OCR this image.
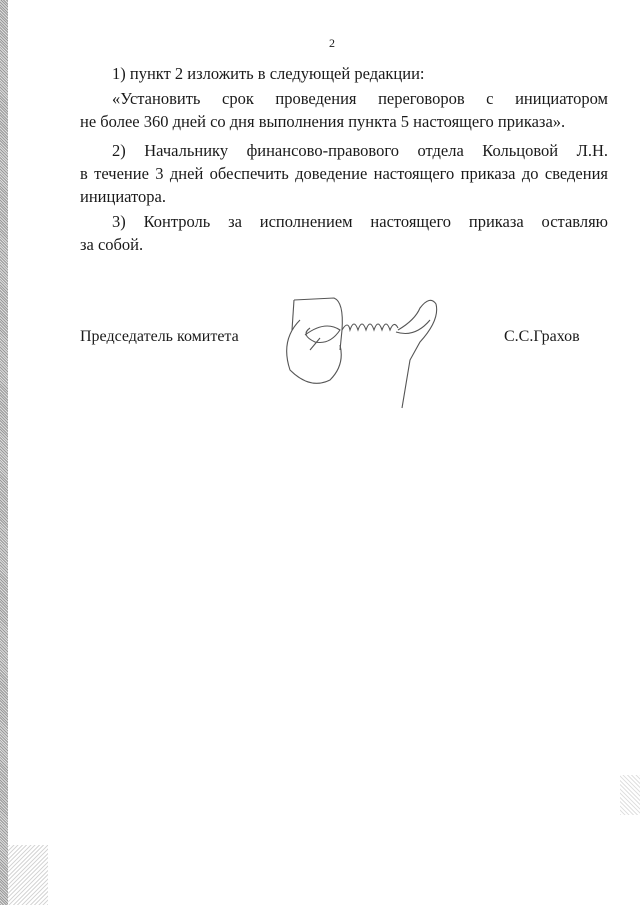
2
1) пункт 2 изложить в следующей редакции:
«Установить срок проведения переговоров с инициатором
не более 360 дней со дня выполнения пункта 5 настоящего приказа».
2) Начальнику финансово-правового отдела Кольцовой Л.Н.
в течение 3 дней обеспечить доведение настоящего приказа до сведения
инициатора.
3) Контроль за исполнением настоящего приказа оставляю
за собой.
Председатель комитета	С.С.Грахов
